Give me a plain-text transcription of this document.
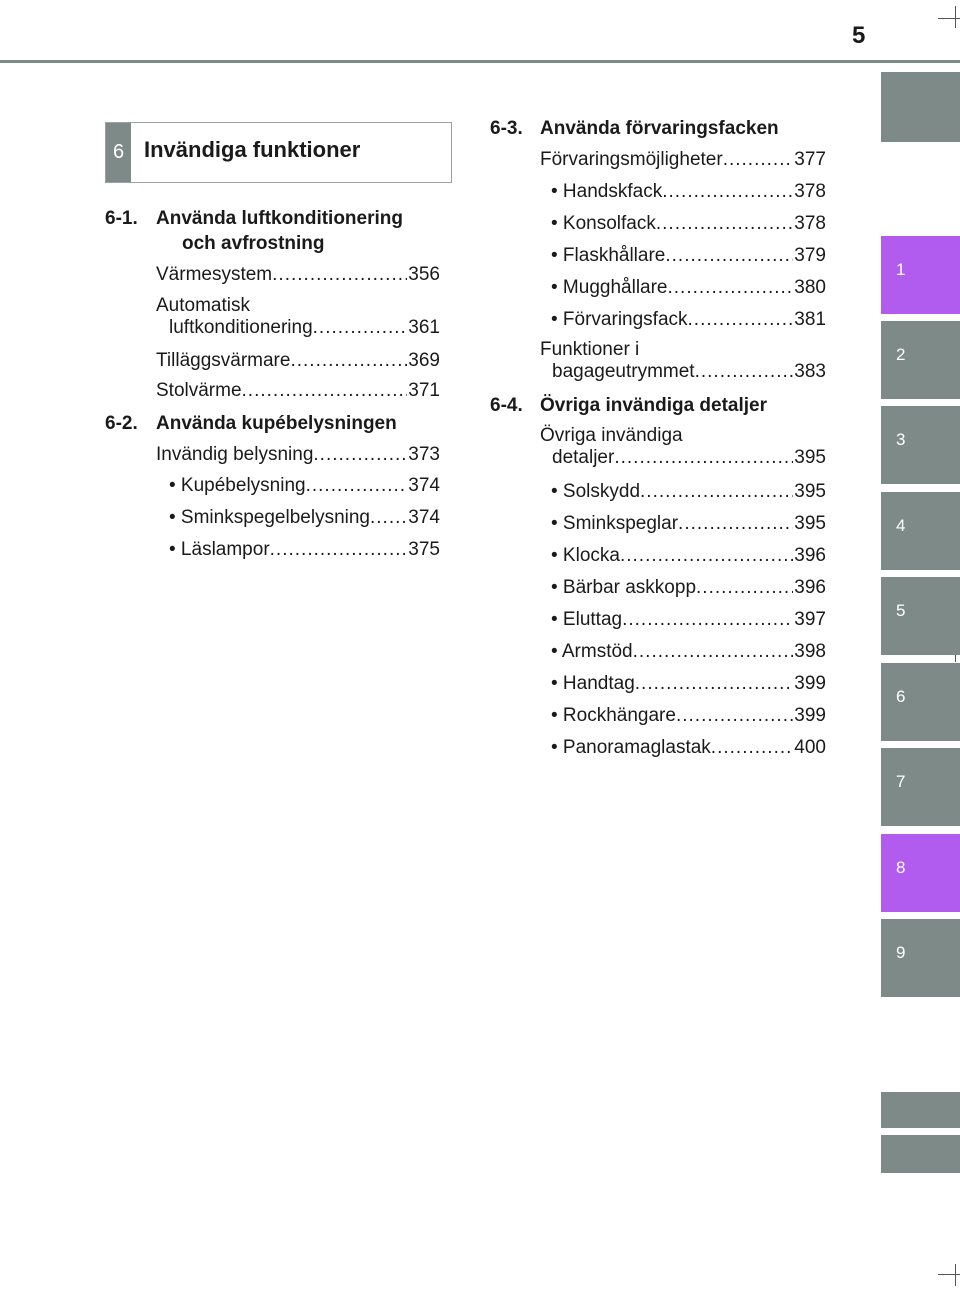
5
1
2
3
4
5
6
7
8
9
6 Invändiga funktioner
6-1. Använda luftkonditionering
och avfrostning
Värmesystem .....	356
Automatisk
luftkonditionering .....	361
Tilläggsvärmare .....	369
Stolvärme .....	371
6-2. Använda kupébelysningen
Invändig belysning .....	373
• Kupébelysning .....	374
• Sminkspegelbelysning ..... 374
• Läslampor .....	375
6-3. Använda förvaringsfacken
Förvaringsmöjligheter .....	377
• Handskfack .....	378
• Konsolfack .....	378
• Flaskhållare .....	379
• Mugghållare .....	380
• Förvaringsfack .....	381
Funktioner i
bagageutrymmet .....	383
6-4. Övriga invändiga detaljer
Övriga invändiga
detaljer .....	395
• Solskydd .....	395
• Sminkspeglar .....	395
• Klocka .....	396
• Bärbar askkopp .....	396
• Eluttag .....	397
• Armstöd .....	398
• Handtag .....	399
• Rockhängare .....	399
• Panoramaglastak .....	400
